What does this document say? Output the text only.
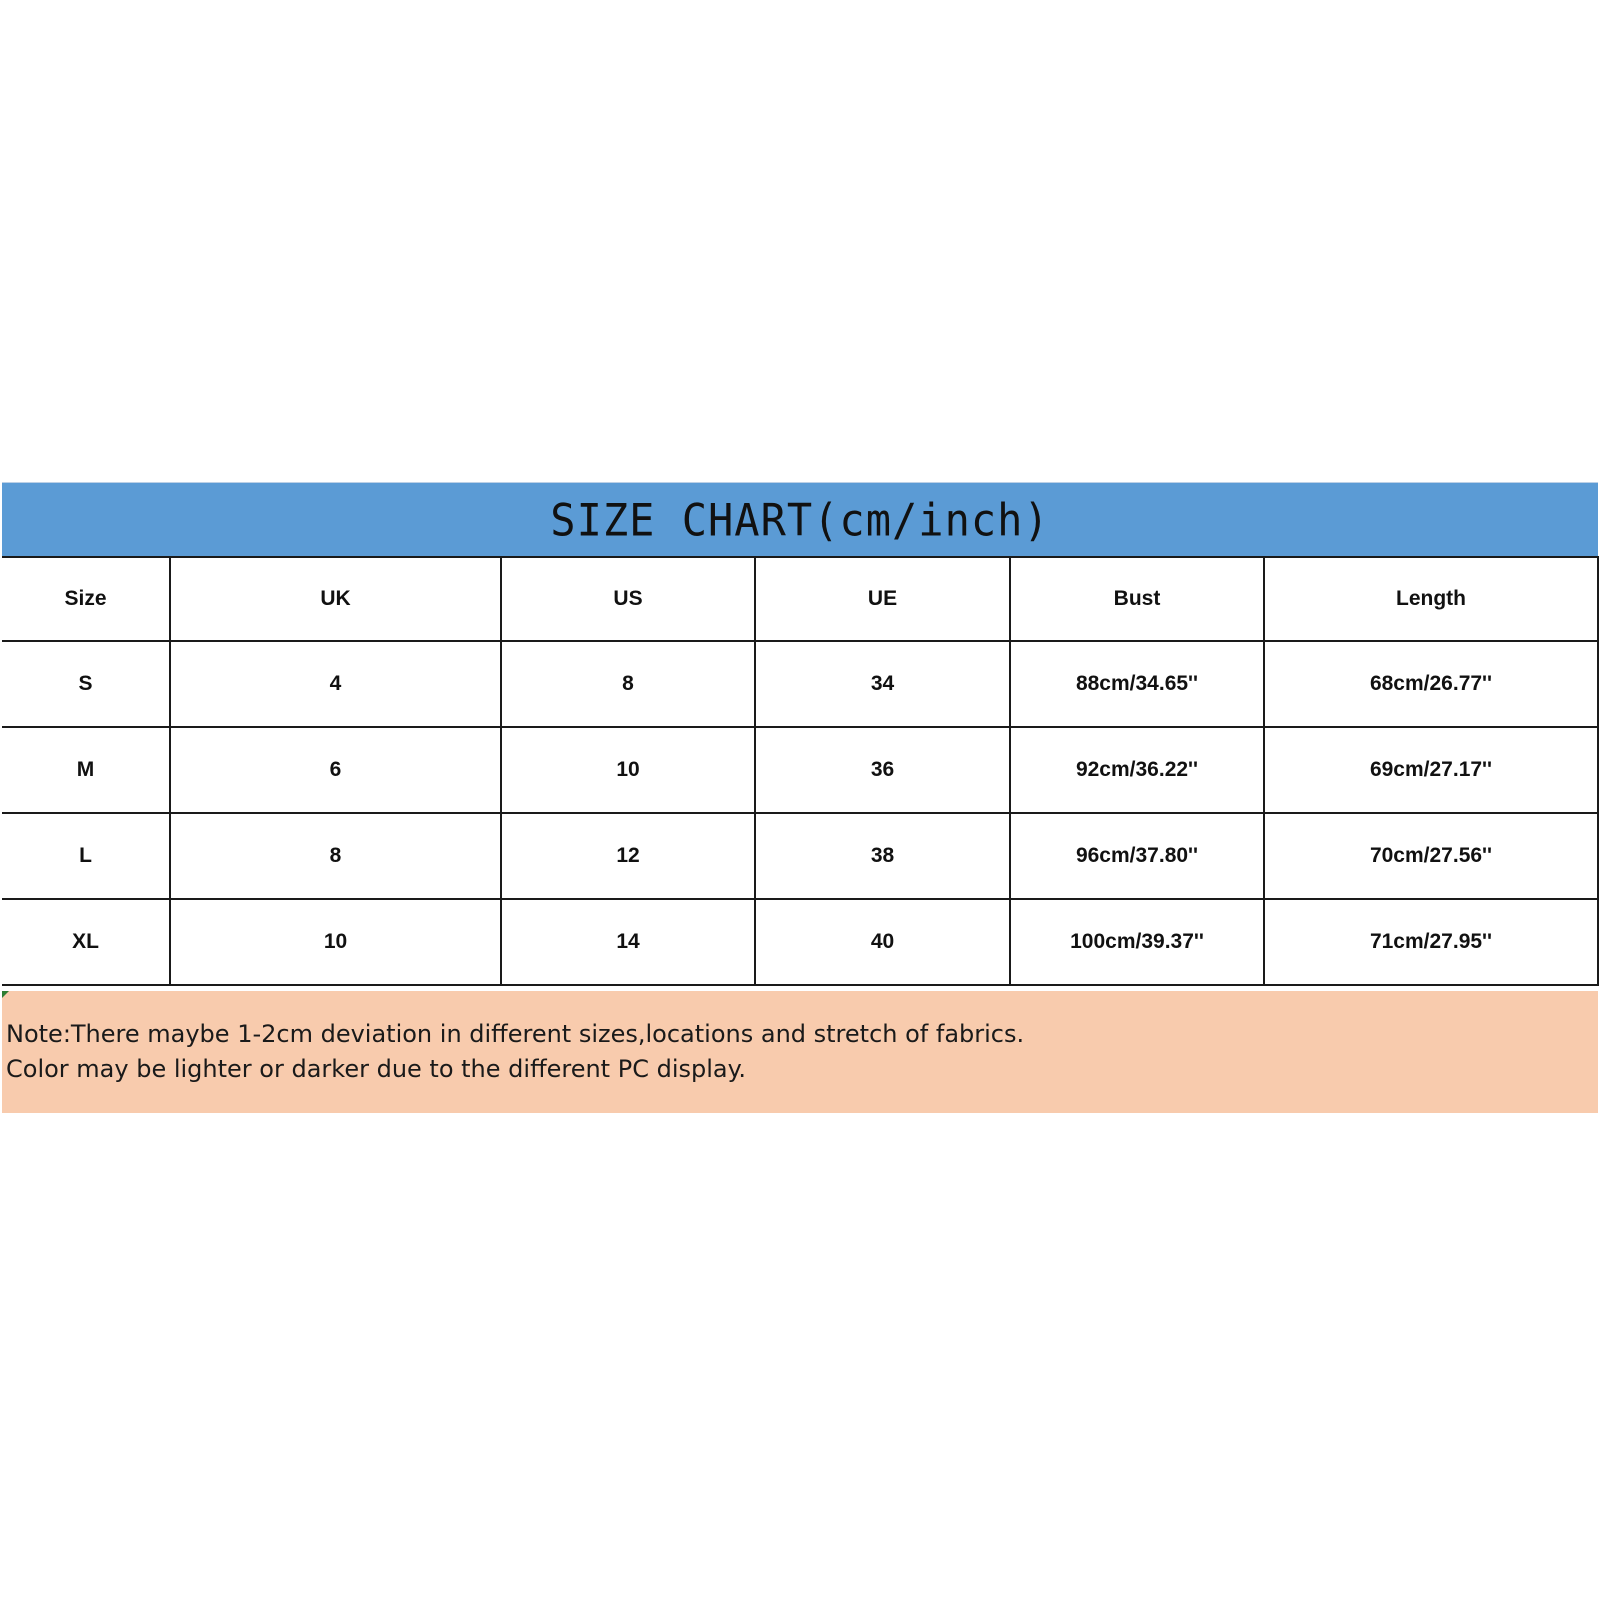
SIZE CHART(cm/inch)
Size	UK	US	UE	Bust	Length
S	4	8	34	88cm/34.65''	68cm/26.77''
M	6	10	36	92cm/36.22''	69cm/27.17''
L	8	12	38	96cm/37.80''	70cm/27.56''
XL	10	14	40	100cm/39.37''	71cm/27.95''
Note:There maybe 1-2cm deviation in different sizes,locations and stretch of fabrics.
Color may be lighter or darker due to the different PC display.
